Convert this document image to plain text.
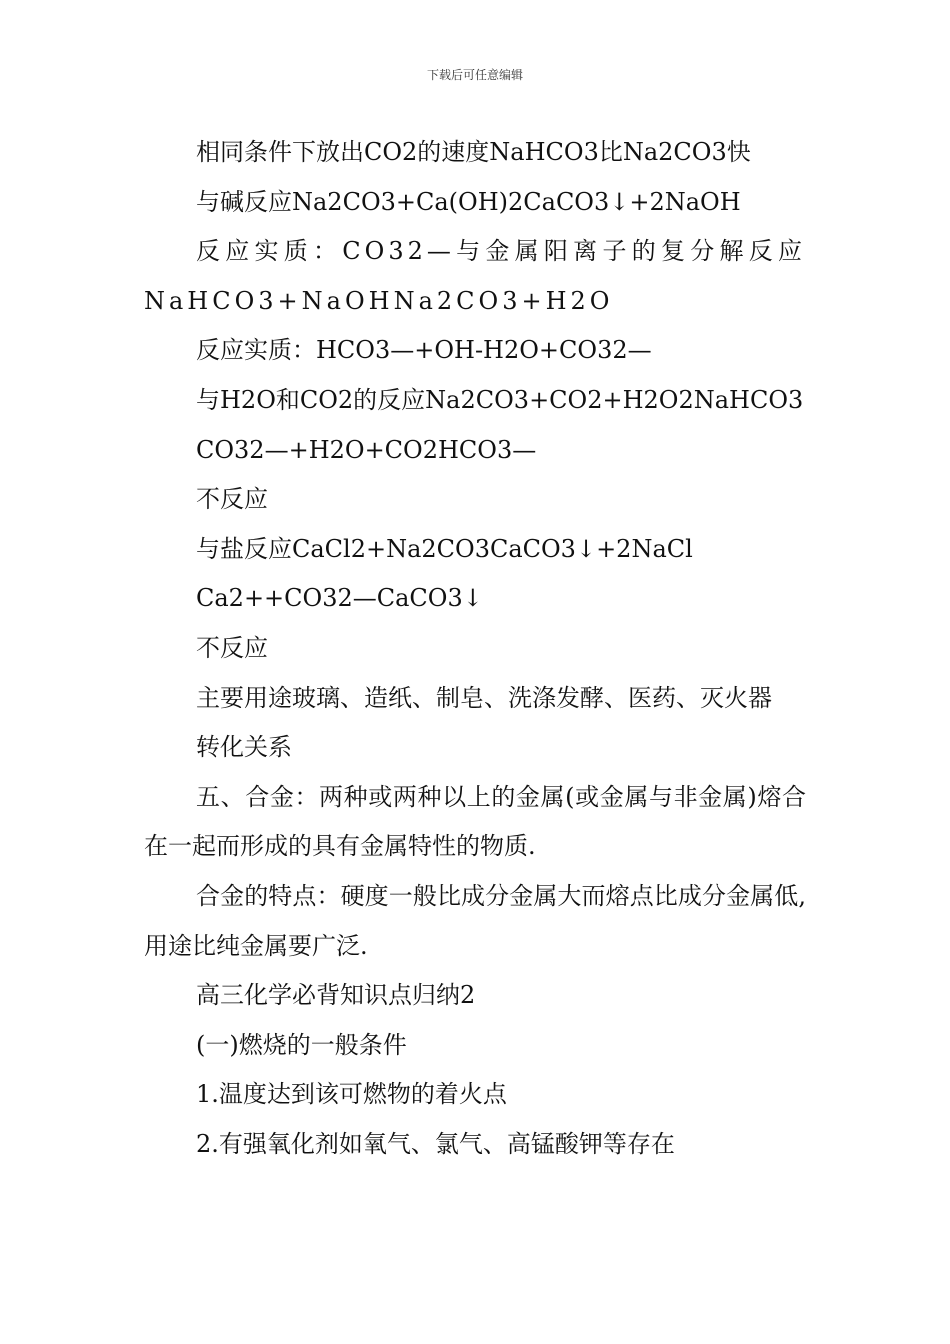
下载后可任意编辑

相同条件下放出CO2的速度NaHCO3比Na2CO3快

与碱反应Na2CO3+Ca(OH)2CaCO3↓+2NaOH

反应实质：CO32—与金属阳离子的复分解反应NaHCO3+NaOHNa2CO3+H2O

反应实质：HCO3—+OH-H2O+CO32—

与H2O和CO2的反应Na2CO3+CO2+H2O2NaHCO3

CO32—+H2O+CO2HCO3—

不反应

与盐反应CaCl2+Na2CO3CaCO3↓+2NaCl

Ca2++CO32—CaCO3↓

不反应

主要用途玻璃、造纸、制皂、洗涤发酵、医药、灭火器

转化关系

五、合金：两种或两种以上的金属(或金属与非金属)熔合在一起而形成的具有金属特性的物质.

合金的特点：硬度一般比成分金属大而熔点比成分金属低,用途比纯金属要广泛.

高三化学必背知识点归纳2

(一)燃烧的一般条件

1.温度达到该可燃物的着火点

2.有强氧化剂如氧气、氯气、高锰酸钾等存在
